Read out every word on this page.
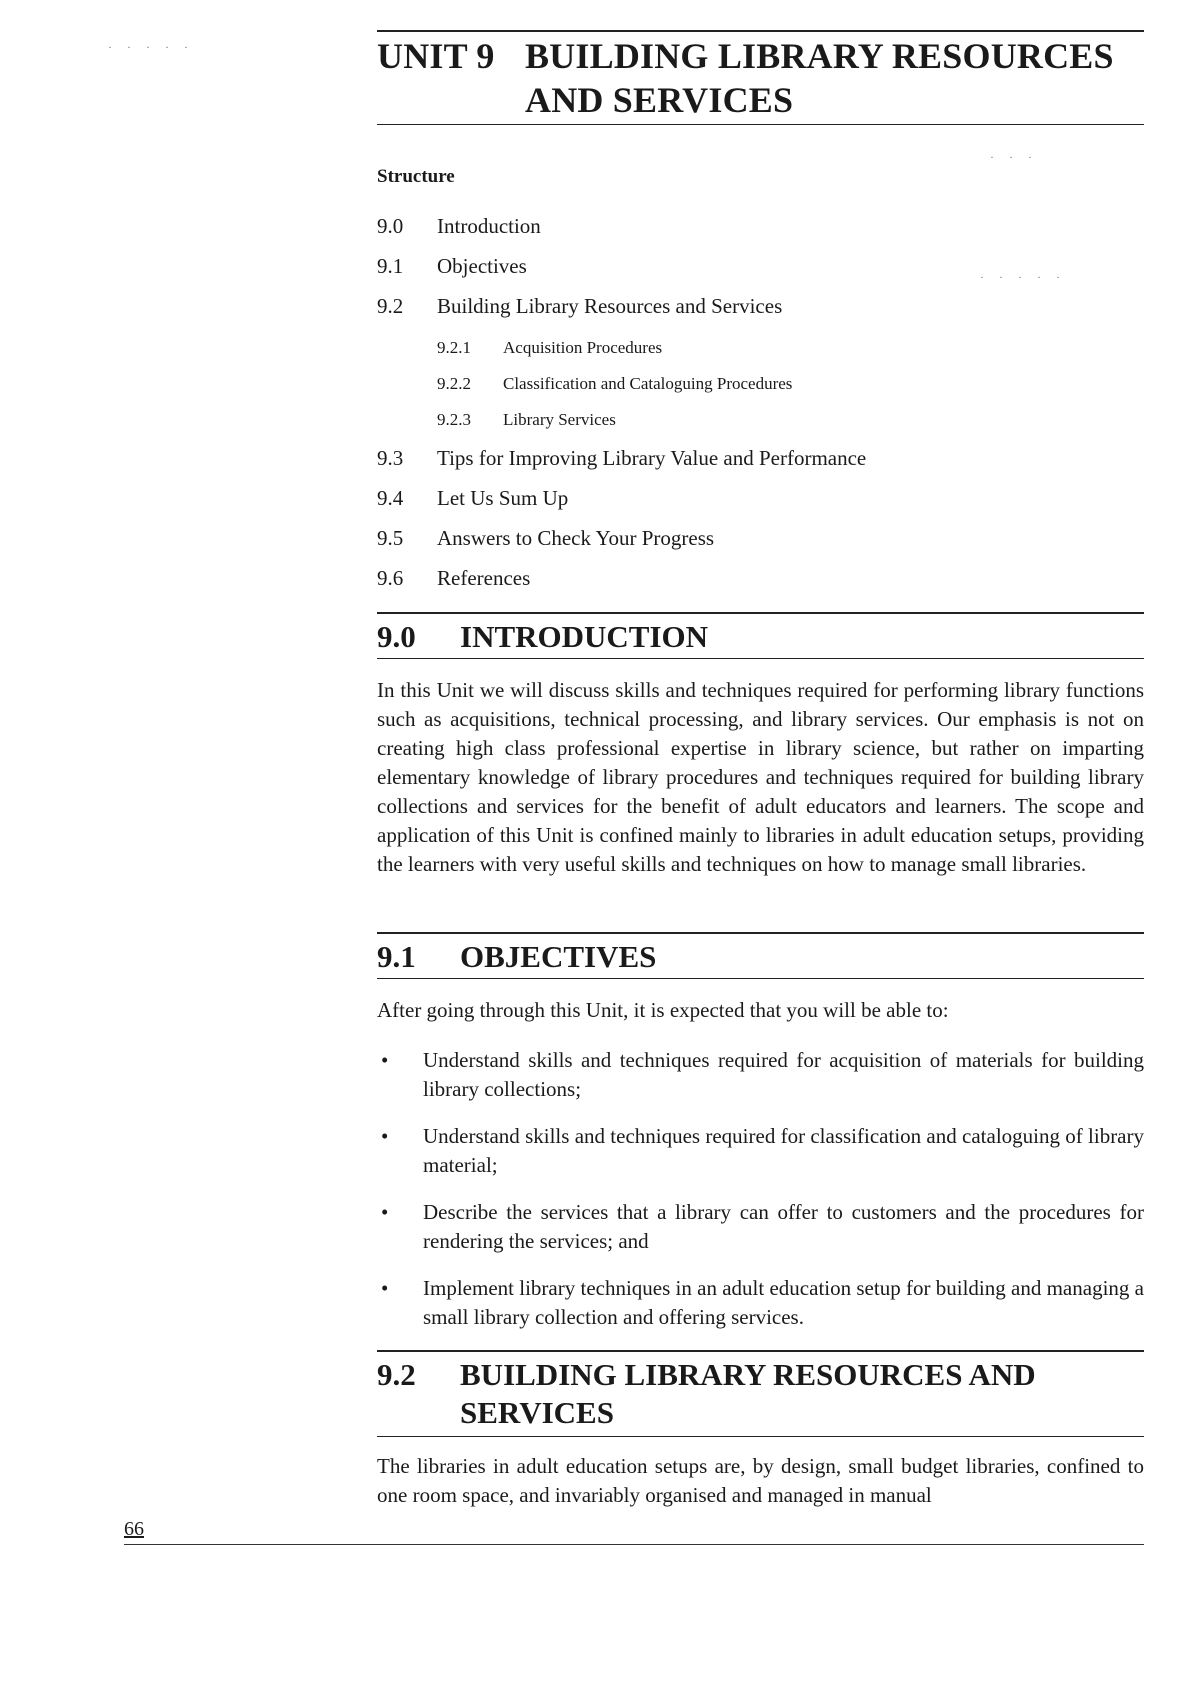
· · · · ·
· · ·
· · · · ·
UNIT 9 BUILDING LIBRARY RESOURCES AND SERVICES
Structure
9.0 Introduction
9.1 Objectives
9.2 Building Library Resources and Services
9.2.1 Acquisition Procedures
9.2.2 Classification and Cataloguing Procedures
9.2.3 Library Services
9.3 Tips for Improving Library Value and Performance
9.4 Let Us Sum Up
9.5 Answers to Check Your Progress
9.6 References
9.0 INTRODUCTION
In this Unit we will discuss skills and techniques required for performing library functions such as acquisitions, technical processing, and library services. Our emphasis is not on creating high class professional expertise in library science, but rather on imparting elementary knowledge of library procedures and techniques required for building library collections and services for the benefit of adult educators and learners. The scope and application of this Unit is confined mainly to libraries in adult education setups, providing the learners with very useful skills and techniques on how to manage small libraries.
9.1 OBJECTIVES
After going through this Unit, it is expected that you will be able to:
• Understand skills and techniques required for acquisition of materials for building library collections;
• Understand skills and techniques required for classification and cataloguing of library material;
• Describe the services that a library can offer to customers and the procedures for rendering the services; and
• Implement library techniques in an adult education setup for building and managing a small library collection and offering services.
9.2 BUILDING LIBRARY RESOURCES AND SERVICES
The libraries in adult education setups are, by design, small budget libraries, confined to one room space, and invariably organised and managed in manual
66
